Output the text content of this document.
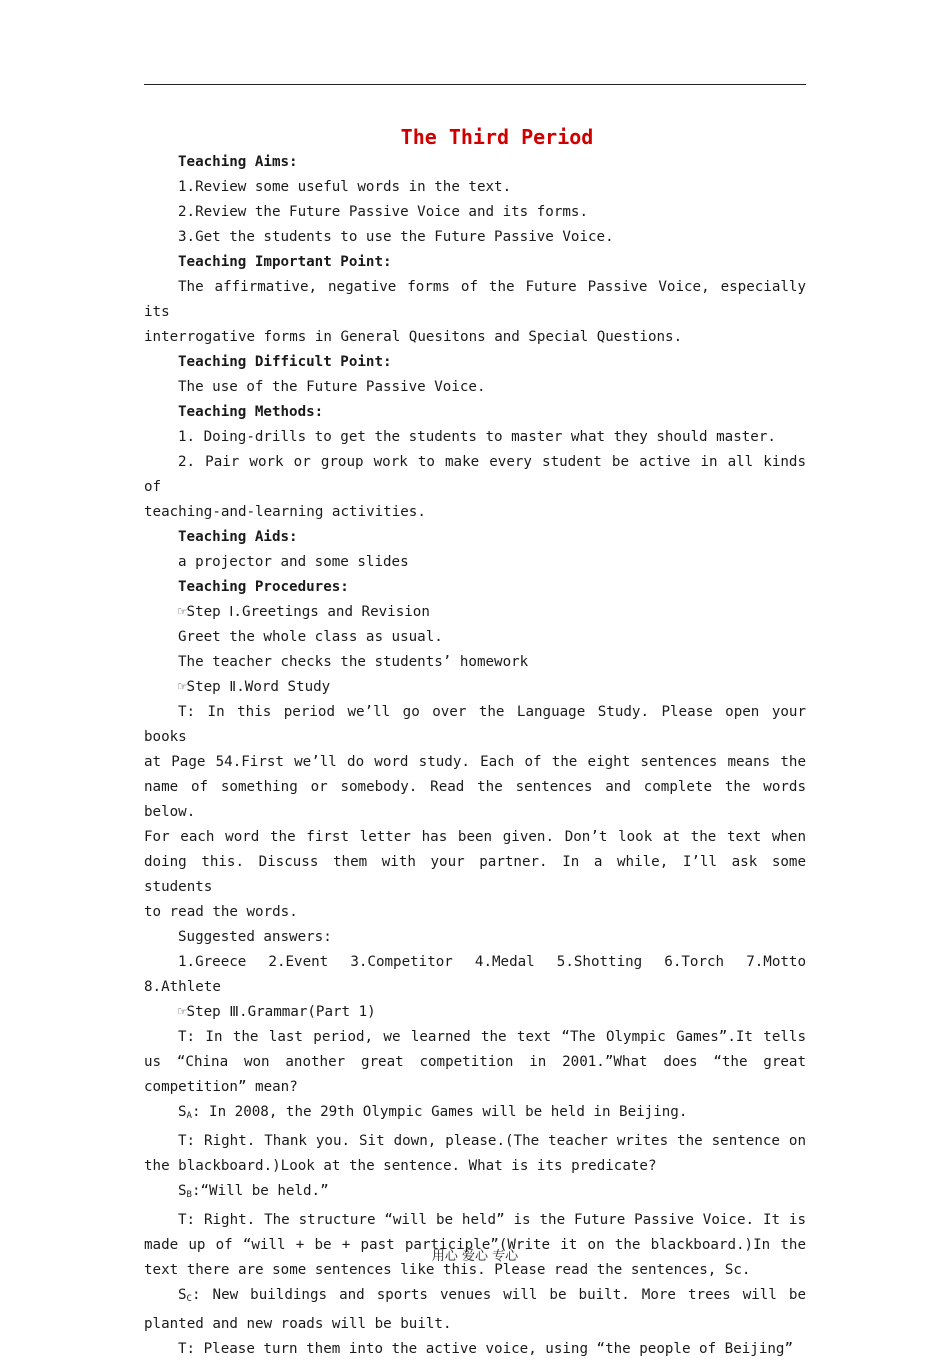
The Third Period

Teaching Aims:

1.Review some useful words in the text.

2.Review the Future Passive Voice and its forms.

3.Get the students to use the Future Passive Voice.

Teaching Important Point:

The affirmative, negative forms of the Future Passive Voice, especially its

interrogative forms in General Quesitons and Special Questions.

Teaching Difficult Point:

The use of the Future Passive Voice.

Teaching Methods:

1. Doing-drills to get the students to master what they should master.

2. Pair work or group work to make every student be active in all kinds of

teaching-and-learning activities.

Teaching Aids:

a projector and some slides

Teaching Procedures:

☞Step Ⅰ.Greetings and Revision

Greet the whole class as usual.

The teacher checks the students’ homework

☞Step Ⅱ.Word Study

T: In this period we’ll go over the Language Study. Please open your books

at Page 54.First we’ll do word study. Each of the eight sentences means the

name of something or somebody. Read the sentences and complete the words below.

For each word the first letter has been given. Don’t look at the text when

doing this. Discuss them with your partner. In a while, I’ll ask some students

to read the words.

Suggested answers:

1.Greece 2.Event 3.Competitor 4.Medal 5.Shotting 6.Torch 7.Motto

8.Athlete

☞Step Ⅲ.Grammar(Part 1)

T: In the last period, we learned the text “The Olympic Games”.It tells

us “China won another great competition in 2001.”What does “the great

competition” mean?

$S_A$: In 2008, the 29th Olympic Games will be held in Beijing.

T: Right. Thank you. Sit down, please.(The teacher writes the sentence on

the blackboard.)Look at the sentence. What is its predicate?

$S_B:“Will$ be held.”

T: Right. The structure “will be held” is the Future Passive Voice. It is

made up of “will + be + past participle”(Write it on the blackboard.)In the

text there are some sentences like this. Please read the sentences, Sc.

$S_C$: New buildings and sports venues will be built. More trees will be

planted and new roads will be built.

T: Please turn them into the active voice, using “the people of Beijing”

用心 爱心 专心
